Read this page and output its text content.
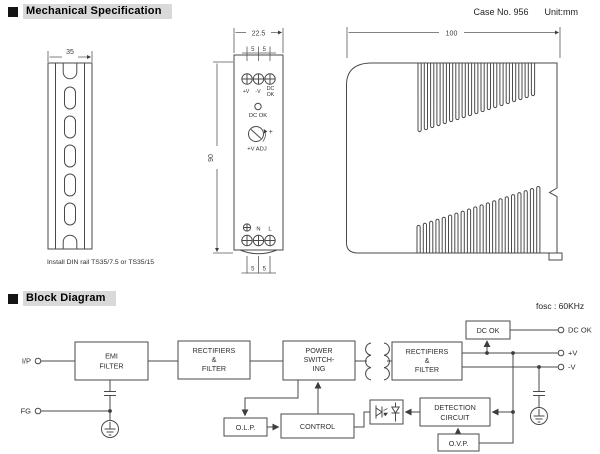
Mechanical Specification	Case No. 956 Unit:mm
Block Diagram
fosc : 60KHz
35
Install DIN rail TS35/7.5 or TS35/15
22.5
5 5
+V -V DC
OK
DC OK
+
+V ADJ
N L
5 5
90
100
I/P
FG
EMI
FILTER
RECTIFIERS
&
FILTER
POWER
SWITCH-
ING
RECTIFIERS
&
FILTER
DC OK	DC OK
+V
-V
O.L.P.	CONTROL
DETECTION
CIRCUIT
O.V.P.
